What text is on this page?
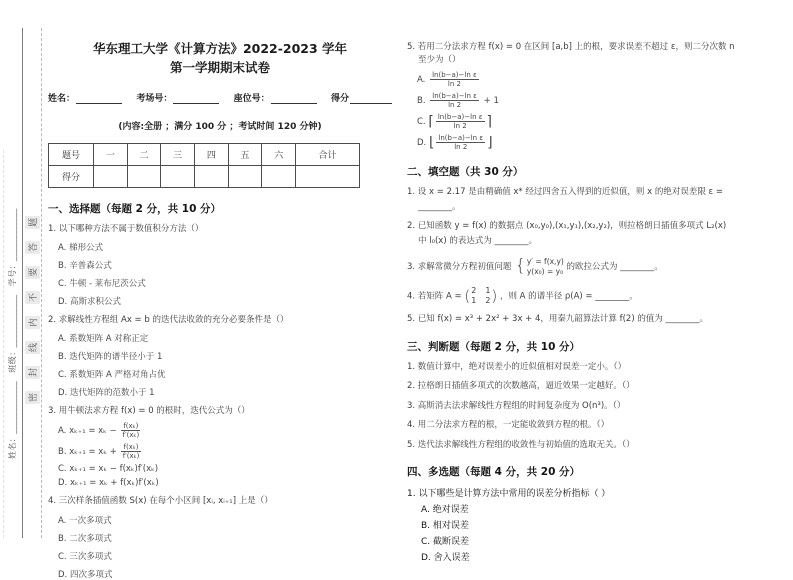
姓名：____________　班级：____________　学号：____________	密封线内不要答题
华东理工大学《计算方法》2022-2023 学年
第一学期期末试卷
姓名：	考场号：	座位号：	得分
(内容:全册 ；满分 100 分 ；考试时间 120 分钟)
题号	一	二	三	四	五	六	合计
得分							
一、选择题（每题 2 分，共 10 分）
1. 以下哪种方法不属于数值积分方法（）
A. 梯形公式
B. 辛普森公式
C. 牛顿 - 莱布尼茨公式
D. 高斯求积公式
2. 求解线性方程组 Ax = b 的迭代法收敛的充分必要条件是（）
A. 系数矩阵 A 对称正定
B. 迭代矩阵的谱半径小于 1
C. 系数矩阵 A 严格对角占优
D. 迭代矩阵的范数小于 1
3. 用牛顿法求方程 f(x) = 0 的根时，迭代公式为（）
A. $x_{k+1} = x_k - \frac{\text{f(xₖ)}}{\text{f′(xₖ)}}$
B. $x_{k+1} = x_k + \frac{\text{f(xₖ)}}{\text{f′(xₖ)}}$
C. xₖ₊₁ = xₖ − f(xₖ)f′(xₖ)
D. xₖ₊₁ = xₖ + f(xₖ)f′(xₖ)
4. 三次样条插值函数 S(x) 在每个小区间 [xᵢ, xᵢ₊₁] 上是（）
A. 一次多项式
B. 二次多项式
C. 三次多项式
D. 四次多项式
5. 若用二分法求方程 f(x) = 0 在区间 [a,b] 上的根，要求误差不超过 ε，则二分次数 n
至少为（）
A. $\frac{\text{ln(b−a)−ln ε}}{\ln 2}$
B. $\frac{\text{ln(b−a)−ln ε}}{\ln 2} + 1$
C. ⌈ $\frac{\text{ln(b−a)−ln ε}}{\ln 2}$ ⌉
D. ⌊ $\frac{\text{ln(b−a)−ln ε}}{\ln 2}$ ⌋
二、填空题（共 30 分）
1. 设 x = 2.17 是由精确值 x* 经过四舍五入得到的近似值，则 x 的绝对误差限 ε =
________。
2. 已知函数 y = f(x) 的数据点 (x₀,y₀),(x₁,y₁),(x₂,y₂)，则拉格朗日插值多项式 L₂(x)
中 l₀(x) 的表达式为 ________。
3. 求解常微分方程初值问题 { y′ = f(x,y)
y(x₀) = y₀ 的欧拉公式为 ________。
4. 若矩阵 A = ( 2 1
1 2 ) ，则 A 的谱半径 ρ(A) = ________。
5. 已知 f(x) = x³ + 2x² + 3x + 4，用秦九韶算法计算 f(2) 的值为 ________。
三、判断题（每题 2 分，共 10 分）
1. 数值计算中，绝对误差小的近似值相对误差一定小。（）
2. 拉格朗日插值多项式的次数越高，逼近效果一定越好。（）
3. 高斯消去法求解线性方程组的时间复杂度为 O(n³)。（）
4. 用二分法求方程的根，一定能收敛到方程的根。（）
5. 迭代法求解线性方程组的收敛性与初始值的选取无关。（）
四、多选题（每题 4 分，共 20 分）
1. 以下哪些是计算方法中常用的误差分析指标（ ）
A. 绝对误差
B. 相对误差
C. 截断误差
D. 舍入误差
